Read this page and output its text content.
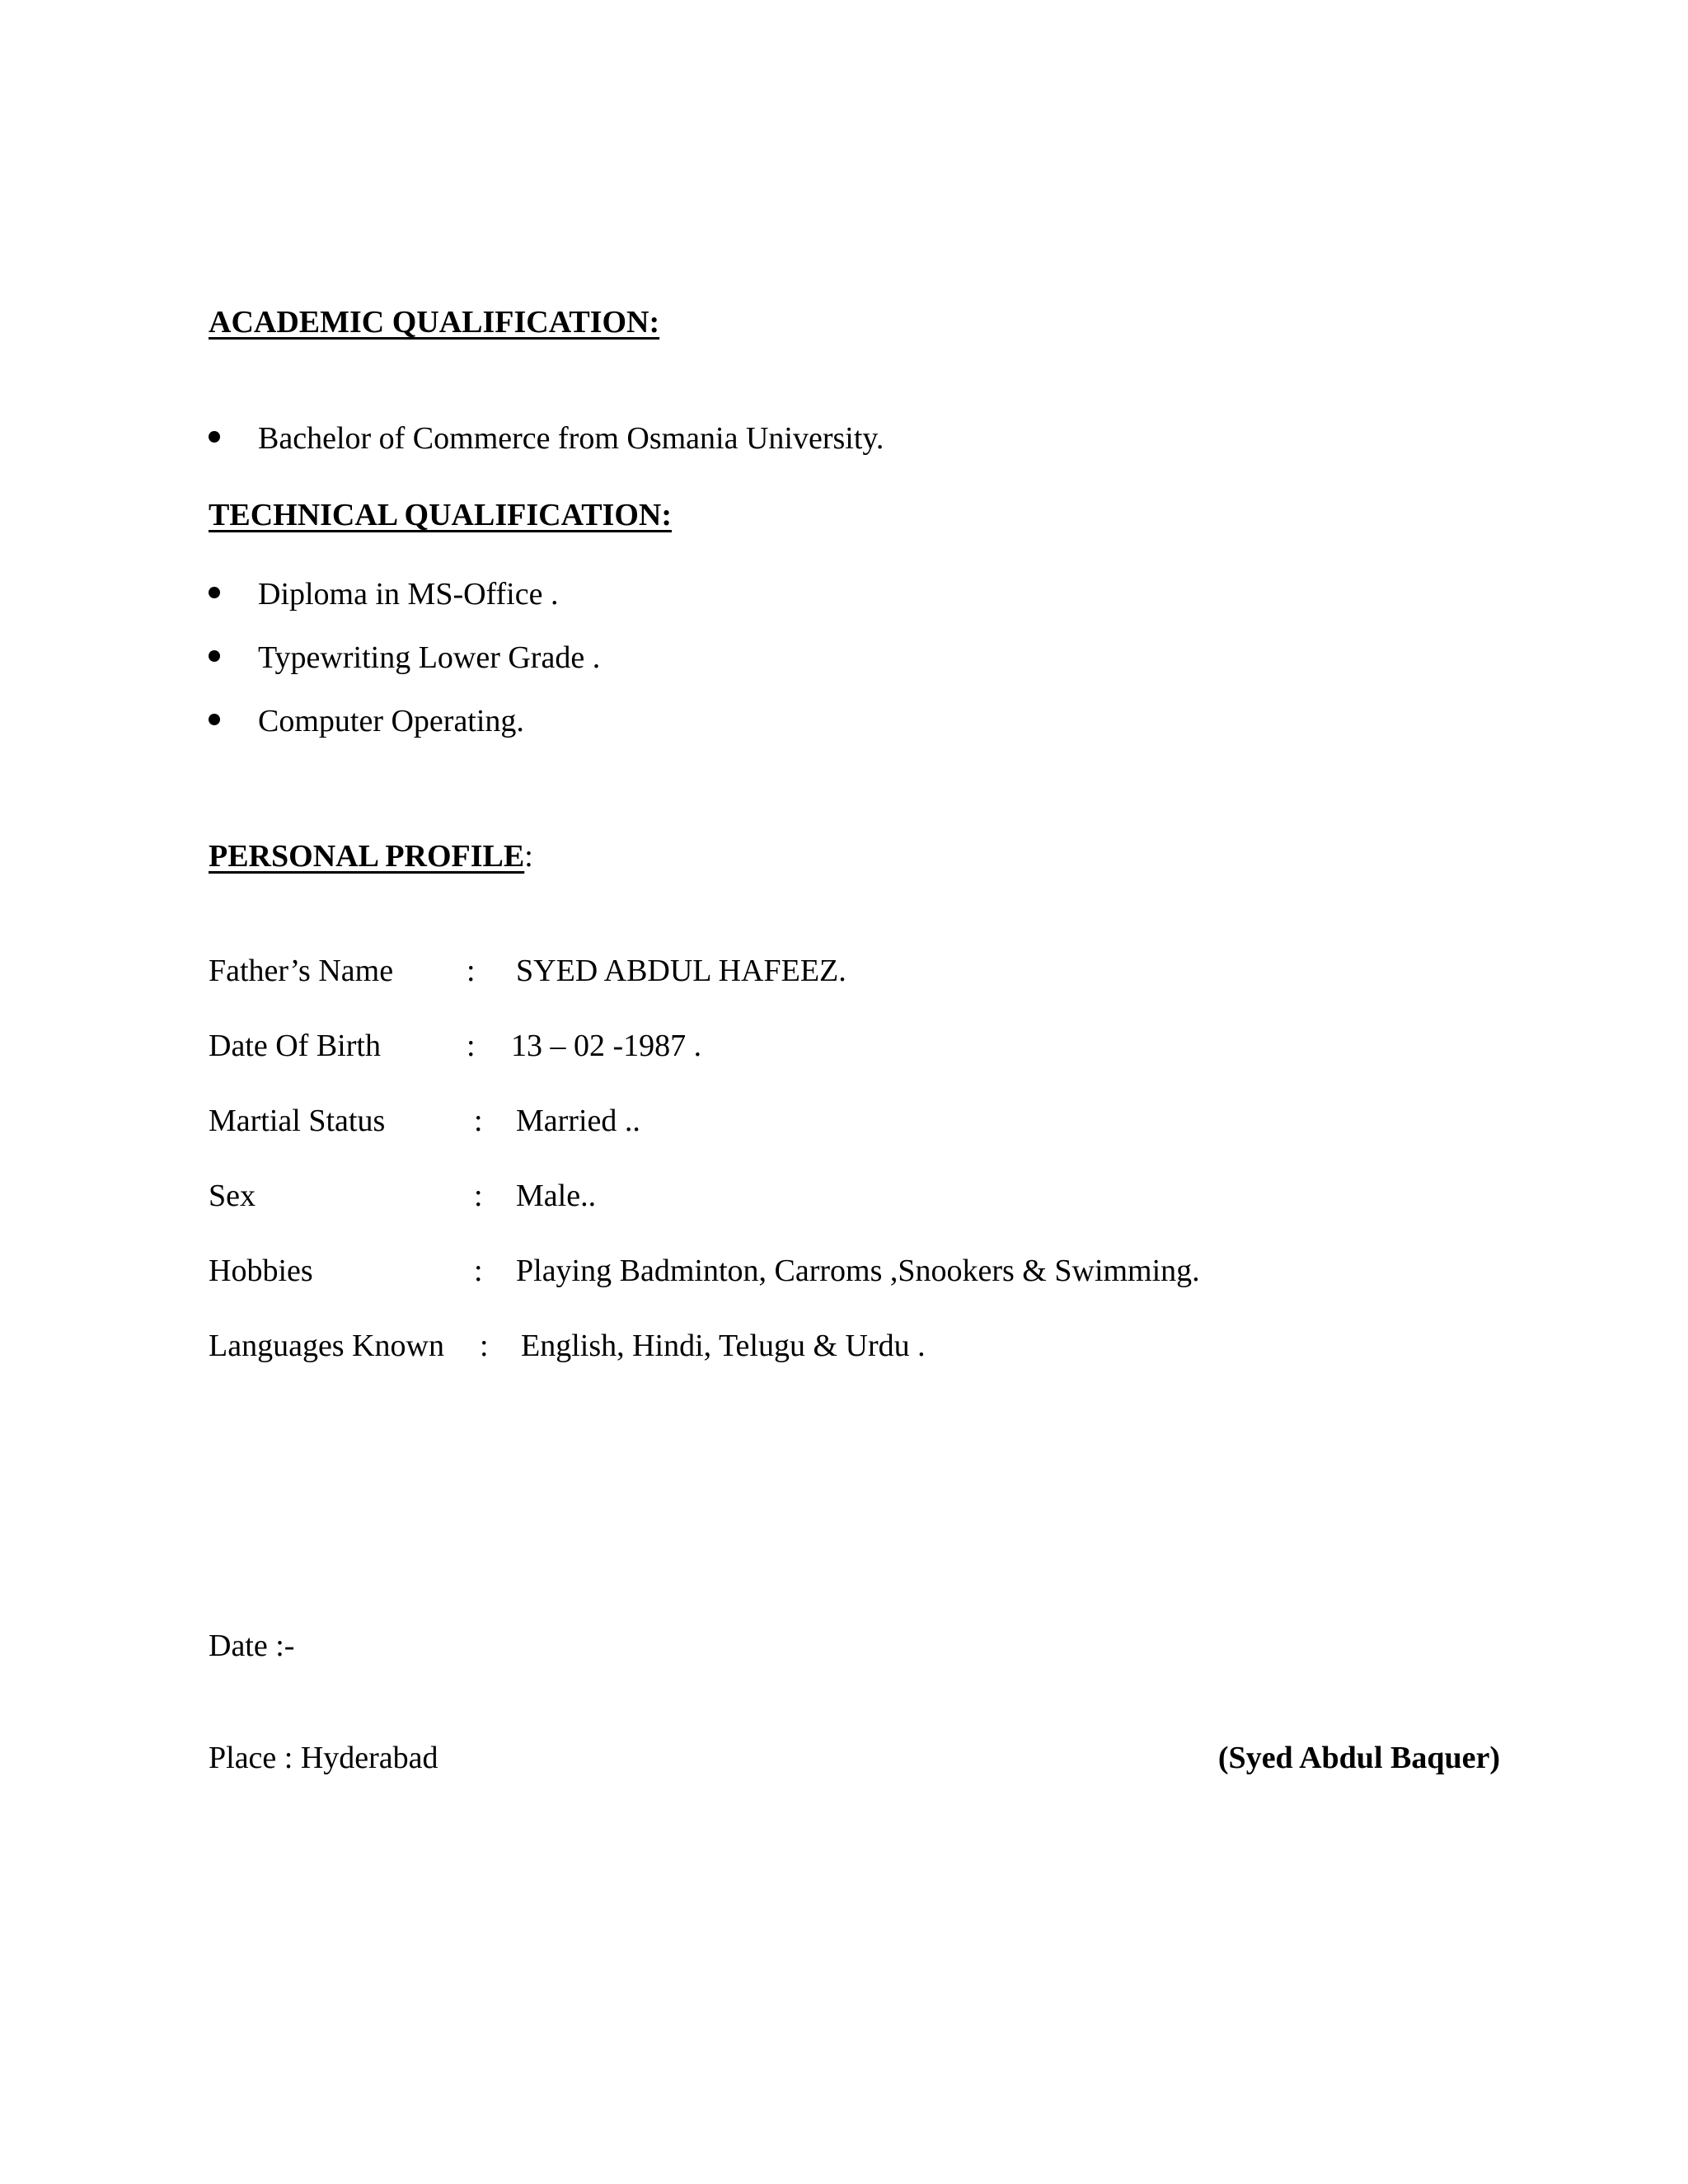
ACADEMIC QUALIFICATION:
Bachelor of Commerce from Osmania University.
TECHNICAL QUALIFICATION:
Diploma in MS-Office .
Typewriting Lower Grade .
Computer Operating.
PERSONAL PROFILE:
Father’s Name : SYED ABDUL HAFEEZ.
Date Of Birth	: 13 – 02 -1987 .
Martial Status	: Married ..
Sex	: Male..
Hobbies	: Playing Badminton, Carroms ,Snookers & Swimming.
Languages Known : English, Hindi, Telugu & Urdu .
Date :-
Place : Hyderabad	(Syed Abdul Baquer)
